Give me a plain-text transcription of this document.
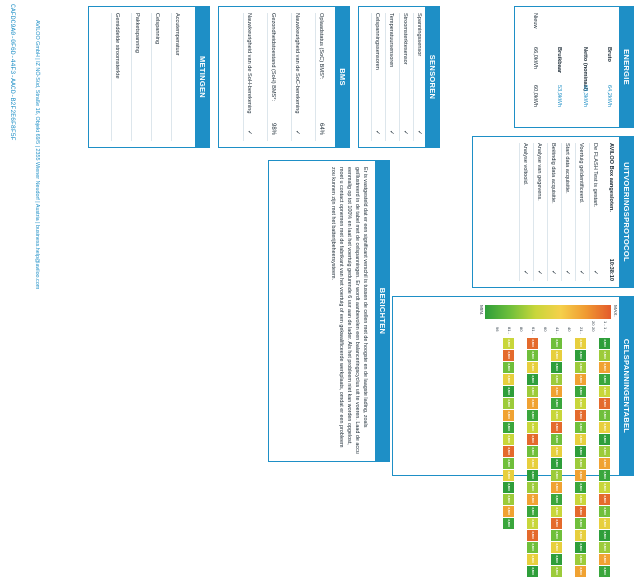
ENERGIE
Bruto
Netto (nominaal)
Bruikbaar
64,2kWh
58,3kWh
53,9kWh
Nieuw
66,0kWh
60,0kWh
UITVOERINGSPROTOCOL
AVILOO Box aangesloten.
10:38:10
De FLASH Test is gestart.
✓
Voertuig geïdentificeerd.
✓
Start data acquisitie.
✓
Beëindig data acquisitie.
✓
Analyse van gegevens.
✓
Analyse voltooid.
✓
CELSPANNINGENTABEL
MIN.	MAX.
1 - 20
1 - 20
3,800
3,800
3,800
3,800
3,800
3,800
3,800
3,800
3,800
3,800
3,800
3,800
3,800
3,800
3,800
3,800
3,800
3,800
3,800
3,800
21 - 40
3,800
3,800
3,800
3,800
3,800
3,800
3,800
3,800
3,800
3,800
3,800
3,800
3,800
3,800
3,800
3,800
3,800
3,800
3,800
3,800
41 - 60
3,800
3,800
3,800
3,800
3,800
3,800
3,800
3,800
3,800
3,800
3,800
3,800
3,800
3,800
3,800
3,800
3,800
3,800
3,800
3,800
61 - 80
3,800
3,800
3,800
3,800
3,800
3,800
3,800
3,800
3,800
3,800
3,800
3,800
3,800
3,800
3,800
3,800
3,800
3,800
3,800
3,800
81 - 96
3,800
3,800
3,800
3,800
3,800
3,800
3,800
3,800
3,800
3,800
3,800
3,800
3,800
3,800
3,800
3,800
SENSOREN
Spanningssensor
✓
Stroomsterktesensor
✓
Temperatuursensoren
✓
Celspanningssensoren
✓
BMS
Oplaadstatus (SoC) BMS*:
64%
Nauwkeurigheid van de SoC-berekening
✓
Gezondheidstoestand (SoH) BMS*:
98%
Nauwkeurigheid van de SoH-berekening
✓
METINGEN
Accutemperatuur
Celspanning
Pakketspanning
Gemiddelde stroomsterkte
BERICHTEN
Er is vastgesteld dat er een significant verschil is tussen de cellen met de hoogste en de laagste lading, zoals geïllustreerd in de tabel met de celspanningen. Er wordt aanbevolen een balanceringscyclus uit te voeren. Laad de accu eenmalig op tot 100% en laat het voertuig gedurende 6 uur aan de lader. Als het probleem niet kan worden opgelost, moet u contact opnemen met de fabrikant van het voertuig of een gekwalificeerde werkplaats, omdat er een probleem zou kunnen zijn met het batterijbeheersysteem.
AVILOO GmbH | IZ NÖ-Süd, Straße 16, Objekt 69/5 | 2355 Wiener Neudorf | Austria | business.help@aviloo.com
CAFDC9A0-0F6D-44F3-AACD-B2F2E6F8F5F
